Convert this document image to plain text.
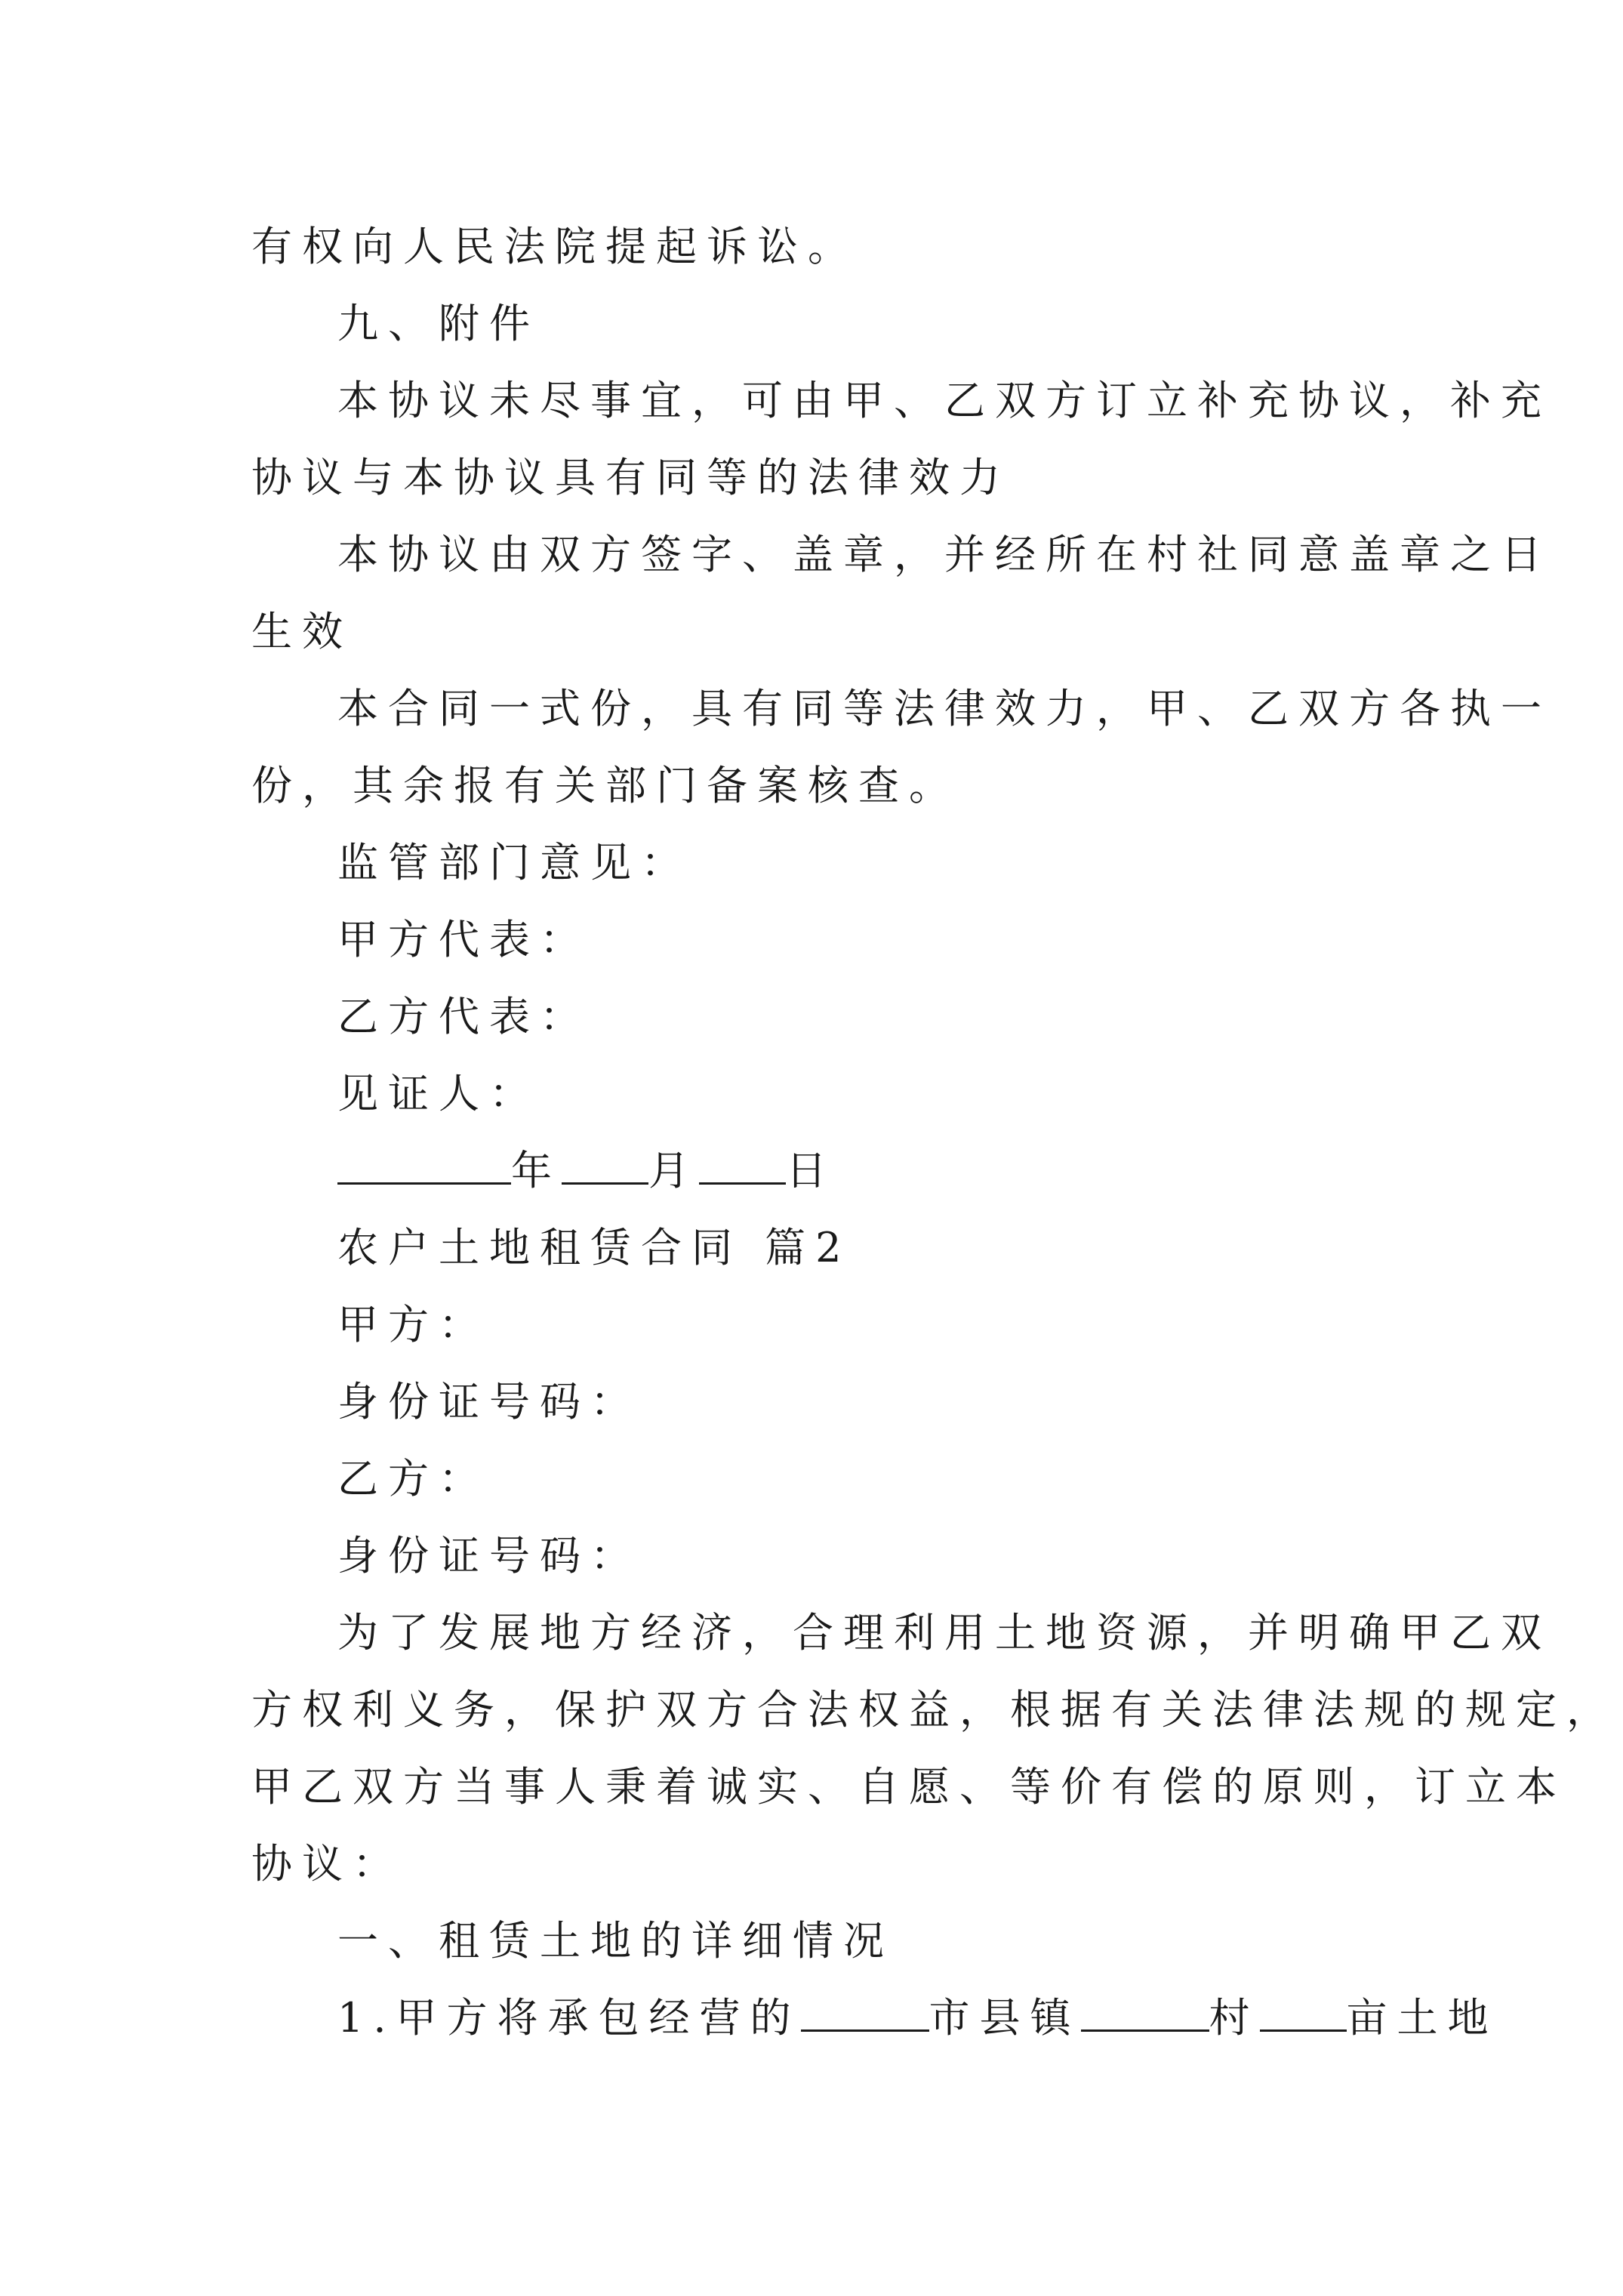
有权向人民法院提起诉讼。

九、附件

本协议未尽事宜，可由甲、乙双方订立补充协议，补充
协议与本协议具有同等的法律效力

本协议由双方签字、盖章，并经所在村社同意盖章之日
生效

本合同一式份，具有同等法律效力，甲、乙双方各执一
份，其余报有关部门备案核查。

监管部门意见：

甲方代表：

乙方代表：

见证人：

年 月 日

农户土地租赁合同 篇2

甲方：

身份证号码：

乙方：

身份证号码：

为了发展地方经济，合理利用土地资源，并明确甲乙双
方权利义务，保护双方合法权益，根据有关法律法规的规定，
甲乙双方当事人秉着诚实、自愿、等价有偿的原则，订立本
协议：

一、租赁土地的详细情况

1.甲方将承包经营的	市县镇	村 亩土地
